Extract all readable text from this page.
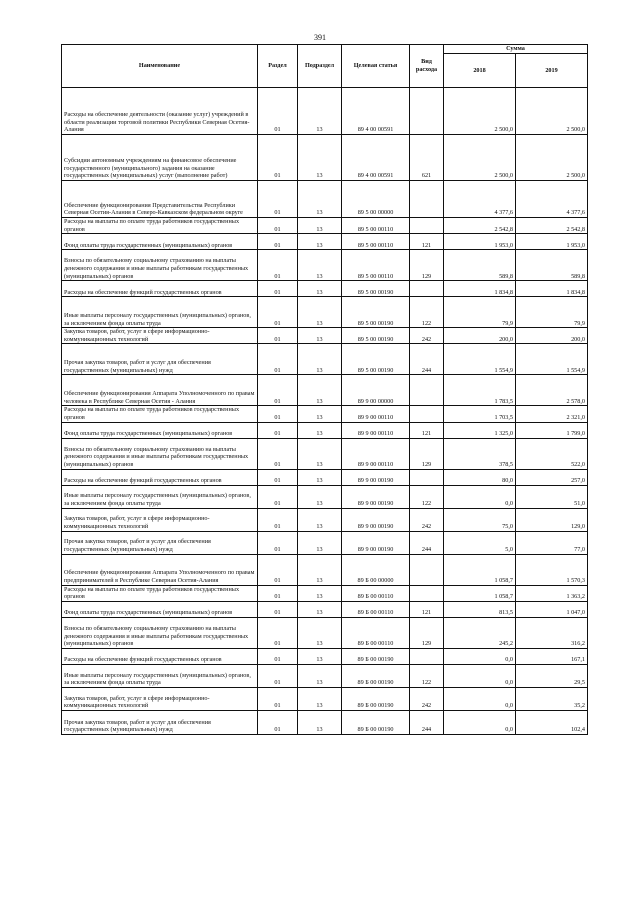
391
Наименование	Раздел	Подраздел	Целевая статья	Вид расхода	Сумма	
					2018	2019
Расходы на обеспечение деятельности (оказание услуг) учреждений в области реализации торговой политики Республики Северная Осетия-Алания	01	13	89 4 00 00591		2 500,0	2 500,0
Субсидии автономным учреждениям на финансовое обеспечение государственного (муниципального) задания на оказание государственных (муниципальных) услуг (выполнение работ)	01	13	89 4 00 00591	621	2 500,0	2 500,0
Обеспечение функционирования Представительства Республики Северная Осетия-Алания в Северо-Кавказском федеральном округе	01	13	89 5 00 00000		4 377,6	4 377,6
Расходы на выплаты по оплате труда работников государственных органов	01	13	89 5 00 00110		2 542,8	2 542,8
Фонд оплаты труда государственных (муниципальных) органов	01	13	89 5 00 00110	121	1 953,0	1 953,0
Взносы по обязательному социальному страхованию на выплаты денежного содержания и иные выплаты работникам государственных (муниципальных) органов	01	13	89 5 00 00110	129	589,8	589,8
Расходы на обеспечение функций государственных органов	01	13	89 5 00 00190		1 834,8	1 834,8
Иные выплаты персоналу государственных (муниципальных) органов, за исключением фонда оплаты труда	01	13	89 5 00 00190	122	79,9	79,9
Закупка товаров, работ, услуг в сфере информационно-коммуникационных технологий	01	13	89 5 00 00190	242	200,0	200,0
Прочая закупка товаров, работ и услуг для обеспечения государственных (муниципальных) нужд	01	13	89 5 00 00190	244	1 554,9	1 554,9
Обеспечение функционирования Аппарата Уполномоченного по правам человека в Республике Северная Осетия - Алания	01	13	89 9 00 00000		1 783,5	2 578,0
Расходы на выплаты по оплате труда работников государственных органов	01	13	89 9 00 00110		1 703,5	2 321,0
Фонд оплаты труда государственных (муниципальных) органов	01	13	89 9 00 00110	121	1 325,0	1 799,0
Взносы по обязательному социальному страхованию на выплаты денежного содержания и иные выплаты работникам государственных (муниципальных) органов	01	13	89 9 00 00110	129	378,5	522,0
Расходы на обеспечение функций государственных органов	01	13	89 9 00 00190		80,0	257,0
Иные выплаты персоналу государственных (муниципальных) органов, за исключением фонда оплаты труда	01	13	89 9 00 00190	122	0,0	51,0
Закупка товаров, работ, услуг в сфере информационно-коммуникационных технологий	01	13	89 9 00 00190	242	75,0	129,0
Прочая закупка товаров, работ и услуг для обеспечения государственных (муниципальных) нужд	01	13	89 9 00 00190	244	5,0	77,0
Обеспечение функционирования Аппарата Уполномоченного по правам предпринимателей в Республике Северная Осетия-Алания	01	13	89 Б 00 00000		1 058,7	1 570,3
Расходы на выплаты по оплате труда работников государственных органов	01	13	89 Б 00 00110		1 058,7	1 363,2
Фонд оплаты труда государственных (муниципальных) органов	01	13	89 Б 00 00110	121	813,5	1 047,0
Взносы по обязательному социальному страхованию на выплаты денежного содержания и иные выплаты работникам государственных (муниципальных) органов	01	13	89 Б 00 00110	129	245,2	316,2
Расходы на обеспечение функций государственных органов	01	13	89 Б 00 00190		0,0	167,1
Иные выплаты персоналу государственных (муниципальных) органов, за исключением фонда оплаты труда	01	13	89 Б 00 00190	122	0,0	29,5
Закупка товаров, работ, услуг в сфере информационно-коммуникационных технологий	01	13	89 Б 00 00190	242	0,0	35,2
Прочая закупка товаров, работ и услуг для обеспечения государственных (муниципальных) нужд	01	13	89 Б 00 00190	244	0,0	102,4
